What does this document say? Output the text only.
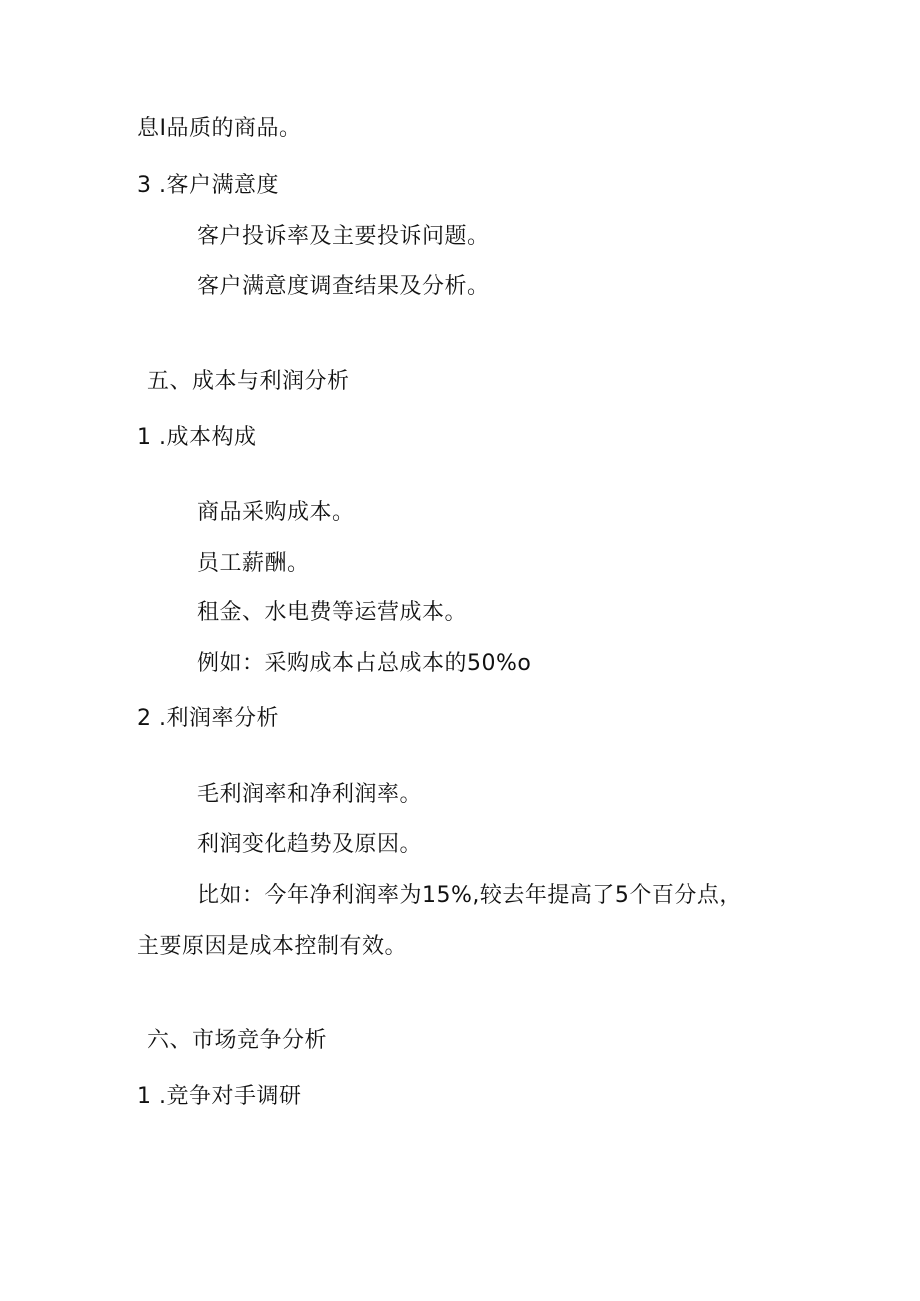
息I品质的商品。
3 .客户满意度
客户投诉率及主要投诉问题。
客户满意度调查结果及分析。
五、成本与利润分析
1 .成本构成
商品采购成本。
员工薪酬。
租金、水电费等运营成本。
例如：采购成本占总成本的50%o
2 .利润率分析
毛利润率和净利润率。
利润变化趋势及原因。
比如：今年净利润率为15%,较去年提高了5个百分点，
主要原因是成本控制有效。
六、市场竞争分析
1 .竞争对手调研
